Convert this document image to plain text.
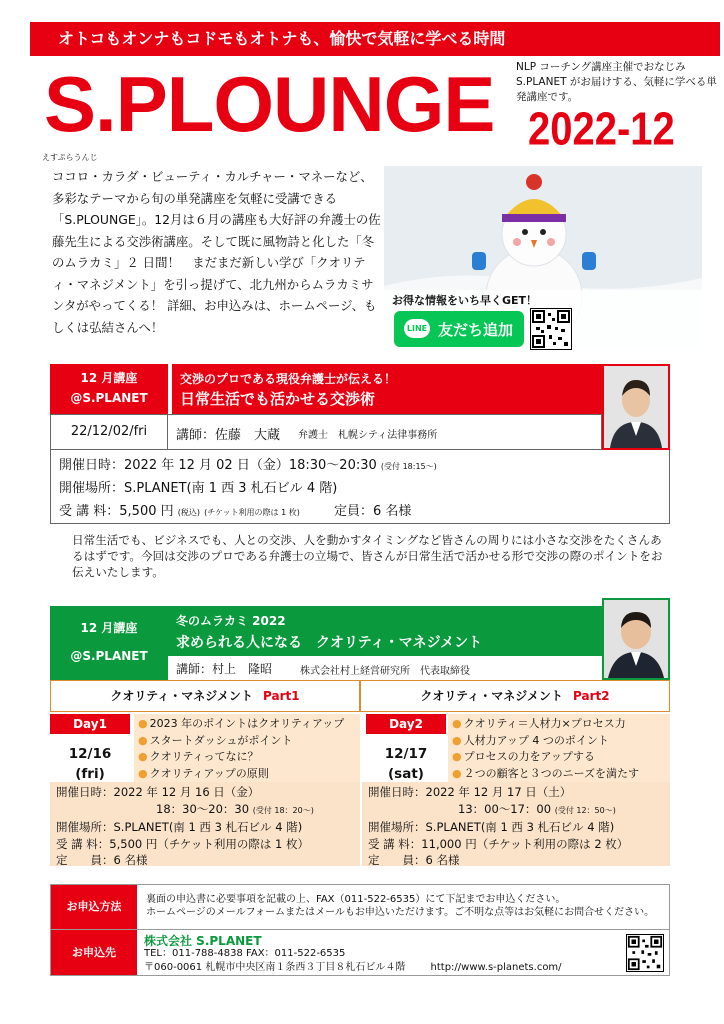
オトコもオンナもコドモもオトナも、愉快で気軽に学べる時間
S.PLOUNGE
えすぷらうんじ
NLP コーチング講座主催でおなじみ S.PLANET がお届けする、気軽に学べる単発講座です。
2022-12
ココロ・カラダ・ビューティ・カルチャー・マネーなど、多彩なテーマから旬の単発講座を気軽に受講できる「S.PLOUNGE」。12月は６月の講座も大好評の弁護士の佐藤先生による交渉術講座。そして既に風物詩と化した「冬のムラカミ」２ 日間！　まだまだ新しい学び「クオリティ・マネジメント」を引っ提げて、北九州からムラカミサンタがやってくる！ 詳細、お申込みは、ホームページ、もしくは弘結さんへ！
お得な情報をいち早くGET！
LINE 友だち追加
12 月講座
@S.PLANET
交渉のプロである現役弁護士が伝える！
日常生活でも活かせる交渉術
22/12/02/fri	講師：佐藤　大蔵 弁護士　札幌シティ法律事務所
開催日時：2022 年 12 月 02 日（金）18:30～20:30 (受付 18:15～)
開催場所：S.PLANET(南 1 西 3 札石ビル 4 階)
受 講 料：5,500 円 (税込) (チケット利用の際は 1 枚)	定員：6 名様
日常生活でも、ビジネスでも、人との交渉、人を動かすタイミングなど皆さんの周りには小さな交渉をたくさんあるはずです。今回は交渉のプロである弁護士の立場で、皆さんが日常生活で活かせる形で交渉の際のポイントをお伝えいたします。
12 月講座
@S.PLANET
冬のムラカミ 2022
求められる人になる　クオリティ・マネジメント
講師：村上　隆昭	株式会社村上経営研究所　代表取締役
クオリティ・マネジメント Part1
Day1
12/16
(fri)
● 2023 年のポイントはクオリティアップ
● スタートダッシュがポイント
● クオリティってなに？
● クオリティアップの原則
開催日時：2022 年 12 月 16 日（金）
18：30～20：30 (受付 18：20～)
開催場所：S.PLANET(南 1 西 3 札石ビル 4 階)
受 講 料：5,500 円（チケット利用の際は 1 枚）
定　　員：6 名様
クオリティ・マネジメント Part2
Day2
12/17
(sat)
● クオリティ＝人材力×プロセス力
● 人材力アップ 4 つのポイント
● プロセスの力をアップする
● ２つの顧客と３つのニーズを満たす
開催日時：2022 年 12 月 17 日（土）
13：00～17：00 (受付 12：50～)
開催場所：S.PLANET(南 1 西 3 札石ビル 4 階)
受 講 料：11,000 円（チケット利用の際は 2 枚）
定　　員：6 名様
お申込方法
裏面の申込書に必要事項を記載の上、FAX（011-522-6535）にて下記までお申込ください。
ホームページのメールフォームまたはメールもお申込いただけます。ご不明な点等はお気軽にお問合せください。
お申込先
株式会社 S.PLANET
TEL：011-788-4838 FAX：011-522-6535
〒060-0061 札幌市中央区南１条西３丁目８札石ビル４階	http://www.s-planets.com/
